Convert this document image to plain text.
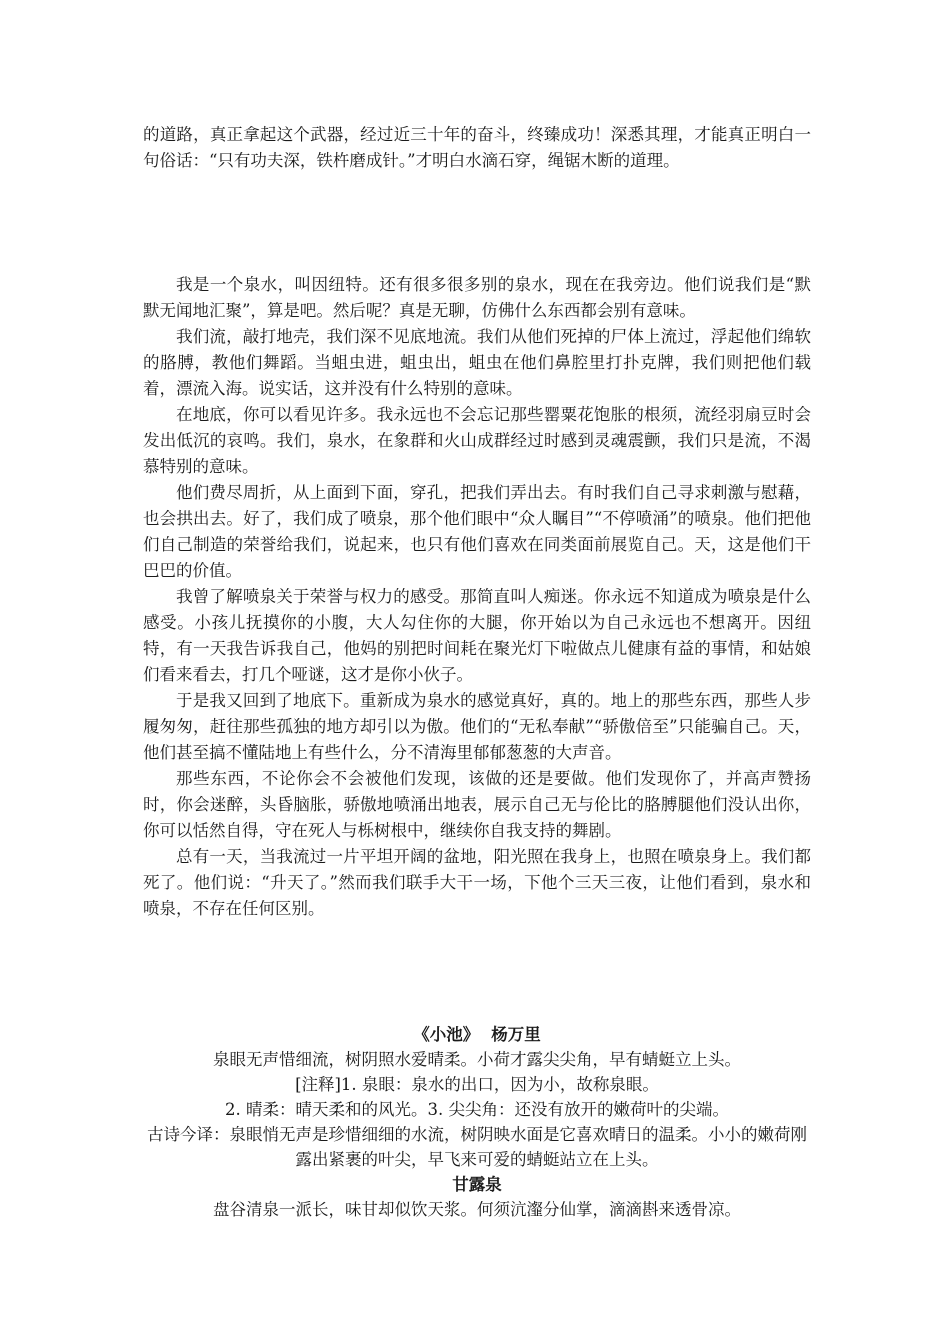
的道路，真正拿起这个武器，经过近三十年的奋斗，终臻成功！深悉其理，才能真正明白一句俗话：“只有功夫深，铁杵磨成针。”才明白水滴石穿，绳锯木断的道理。

我是一个泉水，叫因纽特。还有很多很多别的泉水，现在在我旁边。他们说我们是“默默无闻地汇聚”，算是吧。然后呢？真是无聊，仿佛什么东西都会别有意味。

我们流，敲打地壳，我们深不见底地流。我们从他们死掉的尸体上流过，浮起他们绵软的胳膊，教他们舞蹈。当蛆虫进，蛆虫出，蛆虫在他们鼻腔里打扑克牌，我们则把他们载着，漂流入海。说实话，这并没有什么特别的意味。

在地底，你可以看见许多。我永远也不会忘记那些罂粟花饱胀的根须，流经羽扇豆时会发出低沉的哀鸣。我们，泉水，在象群和火山成群经过时感到灵魂震颤，我们只是流，不渴慕特别的意味。

他们费尽周折，从上面到下面，穿孔，把我们弄出去。有时我们自己寻求刺激与慰藉，也会拱出去。好了，我们成了喷泉，那个他们眼中“众人瞩目”“不停喷涌”的喷泉。他们把他们自己制造的荣誉给我们，说起来，也只有他们喜欢在同类面前展览自己。天，这是他们干巴巴的价值。

我曾了解喷泉关于荣誉与权力的感受。那简直叫人痴迷。你永远不知道成为喷泉是什么感受。小孩儿抚摸你的小腹，大人勾住你的大腿，你开始以为自己永远也不想离开。因纽特，有一天我告诉我自己，他妈的别把时间耗在聚光灯下啦做点儿健康有益的事情，和姑娘们看来看去，打几个哑谜，这才是你小伙子。

于是我又回到了地底下。重新成为泉水的感觉真好，真的。地上的那些东西，那些人步履匆匆，赶往那些孤独的地方却引以为傲。他们的“无私奉献”“骄傲倍至”只能骗自己。天，他们甚至搞不懂陆地上有些什么，分不清海里郁郁葱葱的大声音。

那些东西，不论你会不会被他们发现，该做的还是要做。他们发现你了，并高声赞扬时，你会迷醉，头昏脑胀，骄傲地喷涌出地表，展示自己无与伦比的胳膊腿他们没认出你，你可以恬然自得，守在死人与栎树根中，继续你自我支持的舞剧。

总有一天，当我流过一片平坦开阔的盆地，阳光照在我身上，也照在喷泉身上。我们都死了。他们说：“升天了。”然而我们联手大干一场，下他个三天三夜，让他们看到，泉水和喷泉，不存在任何区别。

《小池》 杨万里

泉眼无声惜细流，树阴照水爱晴柔。小荷才露尖尖角，早有蜻蜓立上头。

[注释]1. 泉眼：泉水的出口，因为小，故称泉眼。

2. 晴柔：晴天柔和的风光。3. 尖尖角：还没有放开的嫩荷叶的尖端。

古诗今译：泉眼悄无声是珍惜细细的水流，树阴映水面是它喜欢晴日的温柔。小小的嫩荷刚露出紧裹的叶尖，早飞来可爱的蜻蜓站立在上头。

甘露泉

盘谷清泉一派长，味甘却似饮天浆。何须沆瀣分仙掌，滴滴斟来透骨凉。
